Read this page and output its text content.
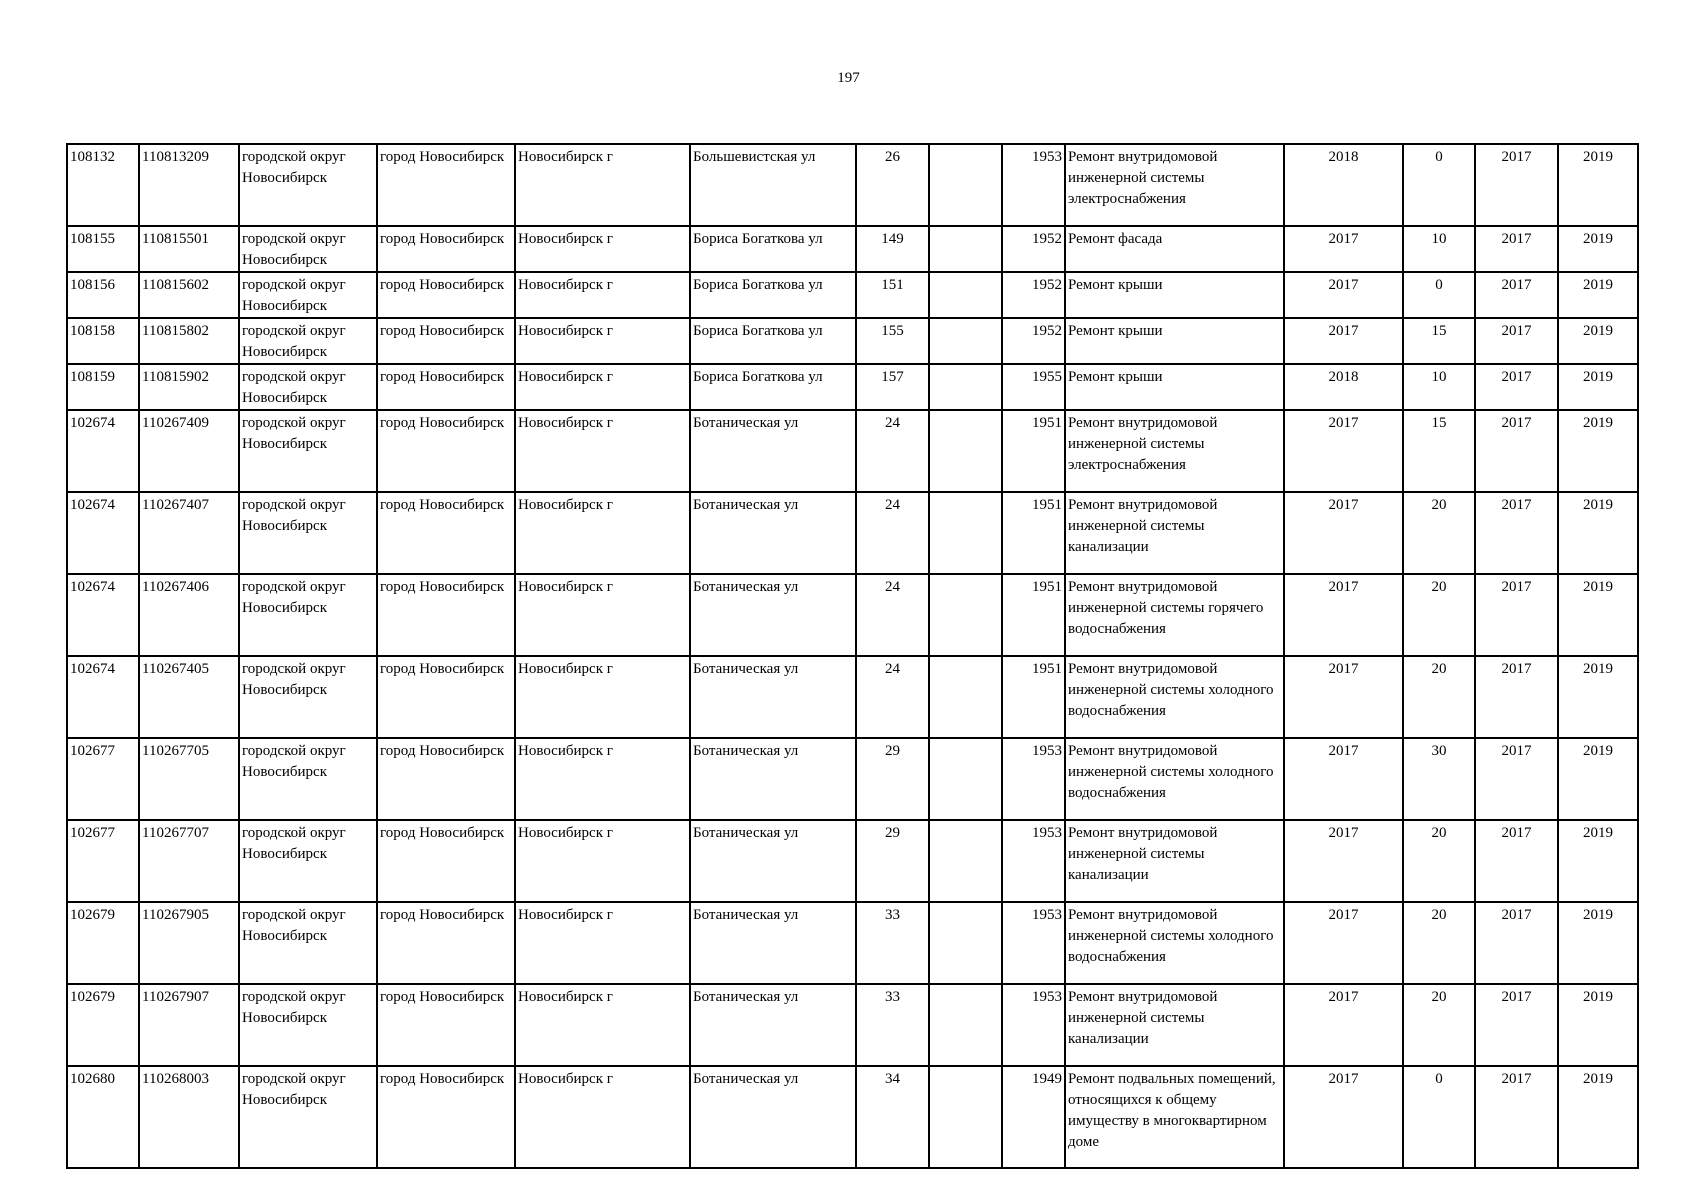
197
108132	110813209	городской округ Новосибирск	город Новосибирск	Новосибирск г	Большевистская ул	26		1953	Ремонт внутридомовой инженерной системы электроснабжения	2018	0	2017	2019
108155	110815501	городской округ Новосибирск	город Новосибирск	Новосибирск г	Бориса Богаткова ул	149		1952	Ремонт фасада	2017	10	2017	2019
108156	110815602	городской округ Новосибирск	город Новосибирск	Новосибирск г	Бориса Богаткова ул	151		1952	Ремонт крыши	2017	0	2017	2019
108158	110815802	городской округ Новосибирск	город Новосибирск	Новосибирск г	Бориса Богаткова ул	155		1952	Ремонт крыши	2017	15	2017	2019
108159	110815902	городской округ Новосибирск	город Новосибирск	Новосибирск г	Бориса Богаткова ул	157		1955	Ремонт крыши	2018	10	2017	2019
102674	110267409	городской округ Новосибирск	город Новосибирск	Новосибирск г	Ботаническая ул	24		1951	Ремонт внутридомовой инженерной системы электроснабжения	2017	15	2017	2019
102674	110267407	городской округ Новосибирск	город Новосибирск	Новосибирск г	Ботаническая ул	24		1951	Ремонт внутридомовой инженерной системы канализации	2017	20	2017	2019
102674	110267406	городской округ Новосибирск	город Новосибирск	Новосибирск г	Ботаническая ул	24		1951	Ремонт внутридомовой инженерной системы горячего водоснабжения	2017	20	2017	2019
102674	110267405	городской округ Новосибирск	город Новосибирск	Новосибирск г	Ботаническая ул	24		1951	Ремонт внутридомовой инженерной системы холодного водоснабжения	2017	20	2017	2019
102677	110267705	городской округ Новосибирск	город Новосибирск	Новосибирск г	Ботаническая ул	29		1953	Ремонт внутридомовой инженерной системы холодного водоснабжения	2017	30	2017	2019
102677	110267707	городской округ Новосибирск	город Новосибирск	Новосибирск г	Ботаническая ул	29		1953	Ремонт внутридомовой инженерной системы канализации	2017	20	2017	2019
102679	110267905	городской округ Новосибирск	город Новосибирск	Новосибирск г	Ботаническая ул	33		1953	Ремонт внутридомовой инженерной системы холодного водоснабжения	2017	20	2017	2019
102679	110267907	городской округ Новосибирск	город Новосибирск	Новосибирск г	Ботаническая ул	33		1953	Ремонт внутридомовой инженерной системы канализации	2017	20	2017	2019
102680	110268003	городской округ Новосибирск	город Новосибирск	Новосибирск г	Ботаническая ул	34		1949	Ремонт подвальных помещений, относящихся к общему имуществу в многоквартирном доме	2017	0	2017	2019
